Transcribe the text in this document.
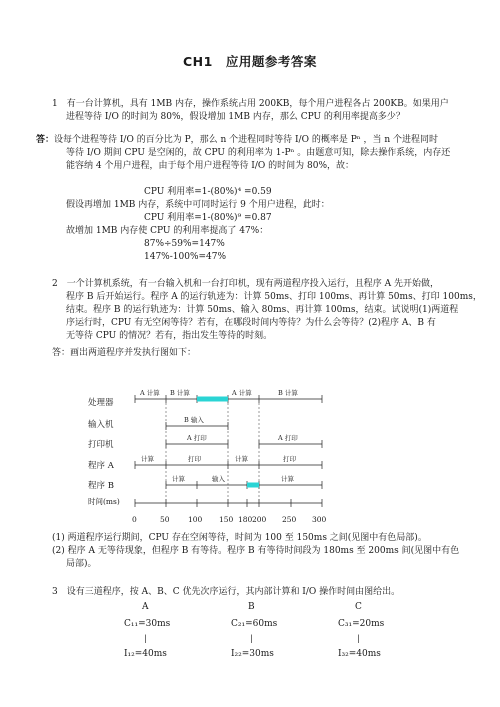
CH1　应用题参考答案
1　有一台计算机，具有 1MB 内存，操作系统占用 200KB，每个用户进程各占 200KB。如果用户
进程等待 I/O 的时间为 80%，假设增加 1MB 内存，那么 CPU 的利用率提高多少？
答：设每个进程等待 I/O 的百分比为 P，那么 n 个进程同时等待 I/O 的概率是 Pⁿ ，当 n 个进程同时
等待 I/O 期间 CPU 是空闲的，故 CPU 的利用率为 1-Pⁿ 。由题意可知，除去操作系统，内存还
能容纳 4 个用户进程，由于每个用户进程等待 I/O 的时间为 80%，故：
CPU 利用率=1-(80%)⁴ =0.59
假设再增加 1MB 内存，系统中可同时运行 9 个用户进程，此时：
CPU 利用率=1-(80%)⁹ =0.87
故增加 1MB 内存使 CPU 的利用率提高了 47%：
87%÷59%=147%
147%-100%=47%
2　一个计算机系统，有一台输入机和一台打印机，现有两道程序投入运行，且程序 A 先开始做，
程序 B 后开始运行。程序 A 的运行轨迹为：计算 50ms、打印 100ms、再计算 50ms、打印 100ms，
结束。程序 B 的运行轨迹为：计算 50ms、输入 80ms、再计算 100ms，结束。试说明(1)两道程
序运行时，CPU 有无空闲等待？若有，在哪段时间内等待？为什么会等待？(2)程序 A、B 有
无等待 CPU 的情况？若有，指出发生等待的时刻。
答：画出两道程序并发执行图如下：
处理器
输入机
打印机
程序 A
程序 B
时间(ms)
A 计算 B 计算	A 计算	B 计算
B 输入
A 打印	A 打印
计算	打印	计算	打印
计算	输入	计算
0	50 100 150 180 200 250 300
(1) 两道程序运行期间，CPU 存在空闲等待，时间为 100 至 150ms 之间(见图中有色局部)。
(2) 程序 A 无等待现象，但程序 B 有等待。程序 B 有等待时间段为 180ms 至 200ms 间(见图中有色
局部)。
3　设有三道程序，按 A、B、C 优先次序运行，其内部计算和 I/O 操作时间由图给出。
A
C₁₁=30ms
|
I₁₂=40ms
B
C₂₁=60ms
|
I₂₂=30ms
C
C₃₁=20ms
|
I₃₂=40ms
